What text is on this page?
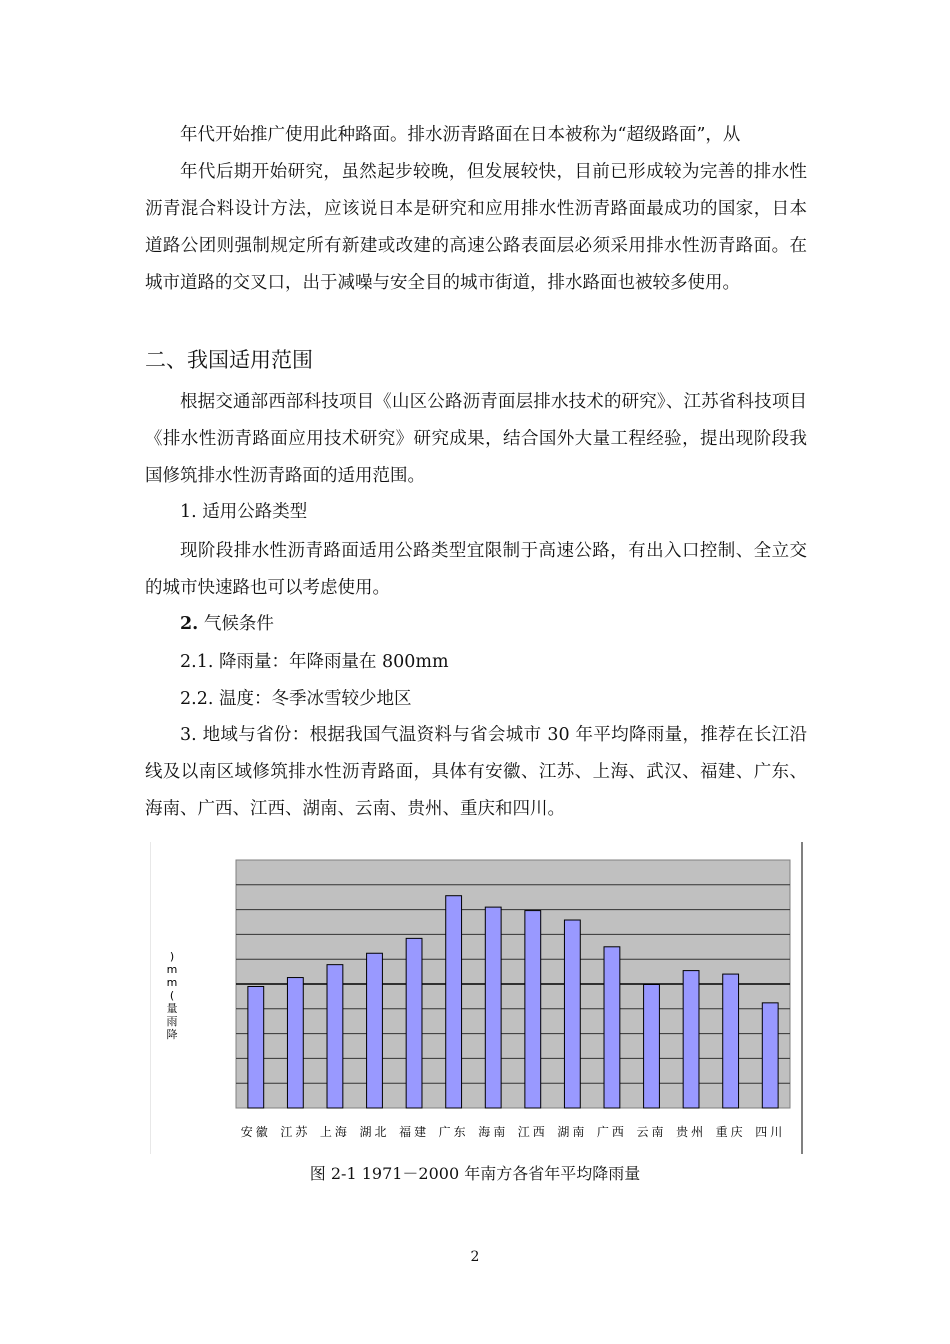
年代开始推广使用此种路面。排水沥青路面在日本被称为“超级路面”，从

年代后期开始研究，虽然起步较晚，但发展较快，目前已形成较为完善的排水性沥青混合料设计方法，应该说日本是研究和应用排水性沥青路面最成功的国家，日本道路公团则强制规定所有新建或改建的高速公路表面层必须采用排水性沥青路面。在城市道路的交叉口，出于减噪与安全目的城市街道，排水路面也被较多使用。

二、我国适用范围

根据交通部西部科技项目《山区公路沥青面层排水技术的研究》、江苏省科技项目《排水性沥青路面应用技术研究》研究成果，结合国外大量工程经验，提出现阶段我国修筑排水性沥青路面的适用范围。

1. 适用公路类型

现阶段排水性沥青路面适用公路类型宜限制于高速公路，有出入口控制、全立交的城市快速路也可以考虑使用。

2. 气候条件

2.1. 降雨量：年降雨量在 800mm

2.2. 温度：冬季冰雪较少地区

3. 地域与省份：根据我国气温资料与省会城市 30 年平均降雨量，推荐在长江沿线及以南区域修筑排水性沥青路面，具体有安徽、江苏、上海、武汉、福建、广东、海南、广西、江西、湖南、云南、贵州、重庆和四川。

安徽 江苏 上海 湖北 福建 广东 海南 江西 湖南 广西 云南 贵州 重庆 四川
)
m
m
(
量
雨
降
图 2-1 1971－2000 年南方各省年平均降雨量
2
